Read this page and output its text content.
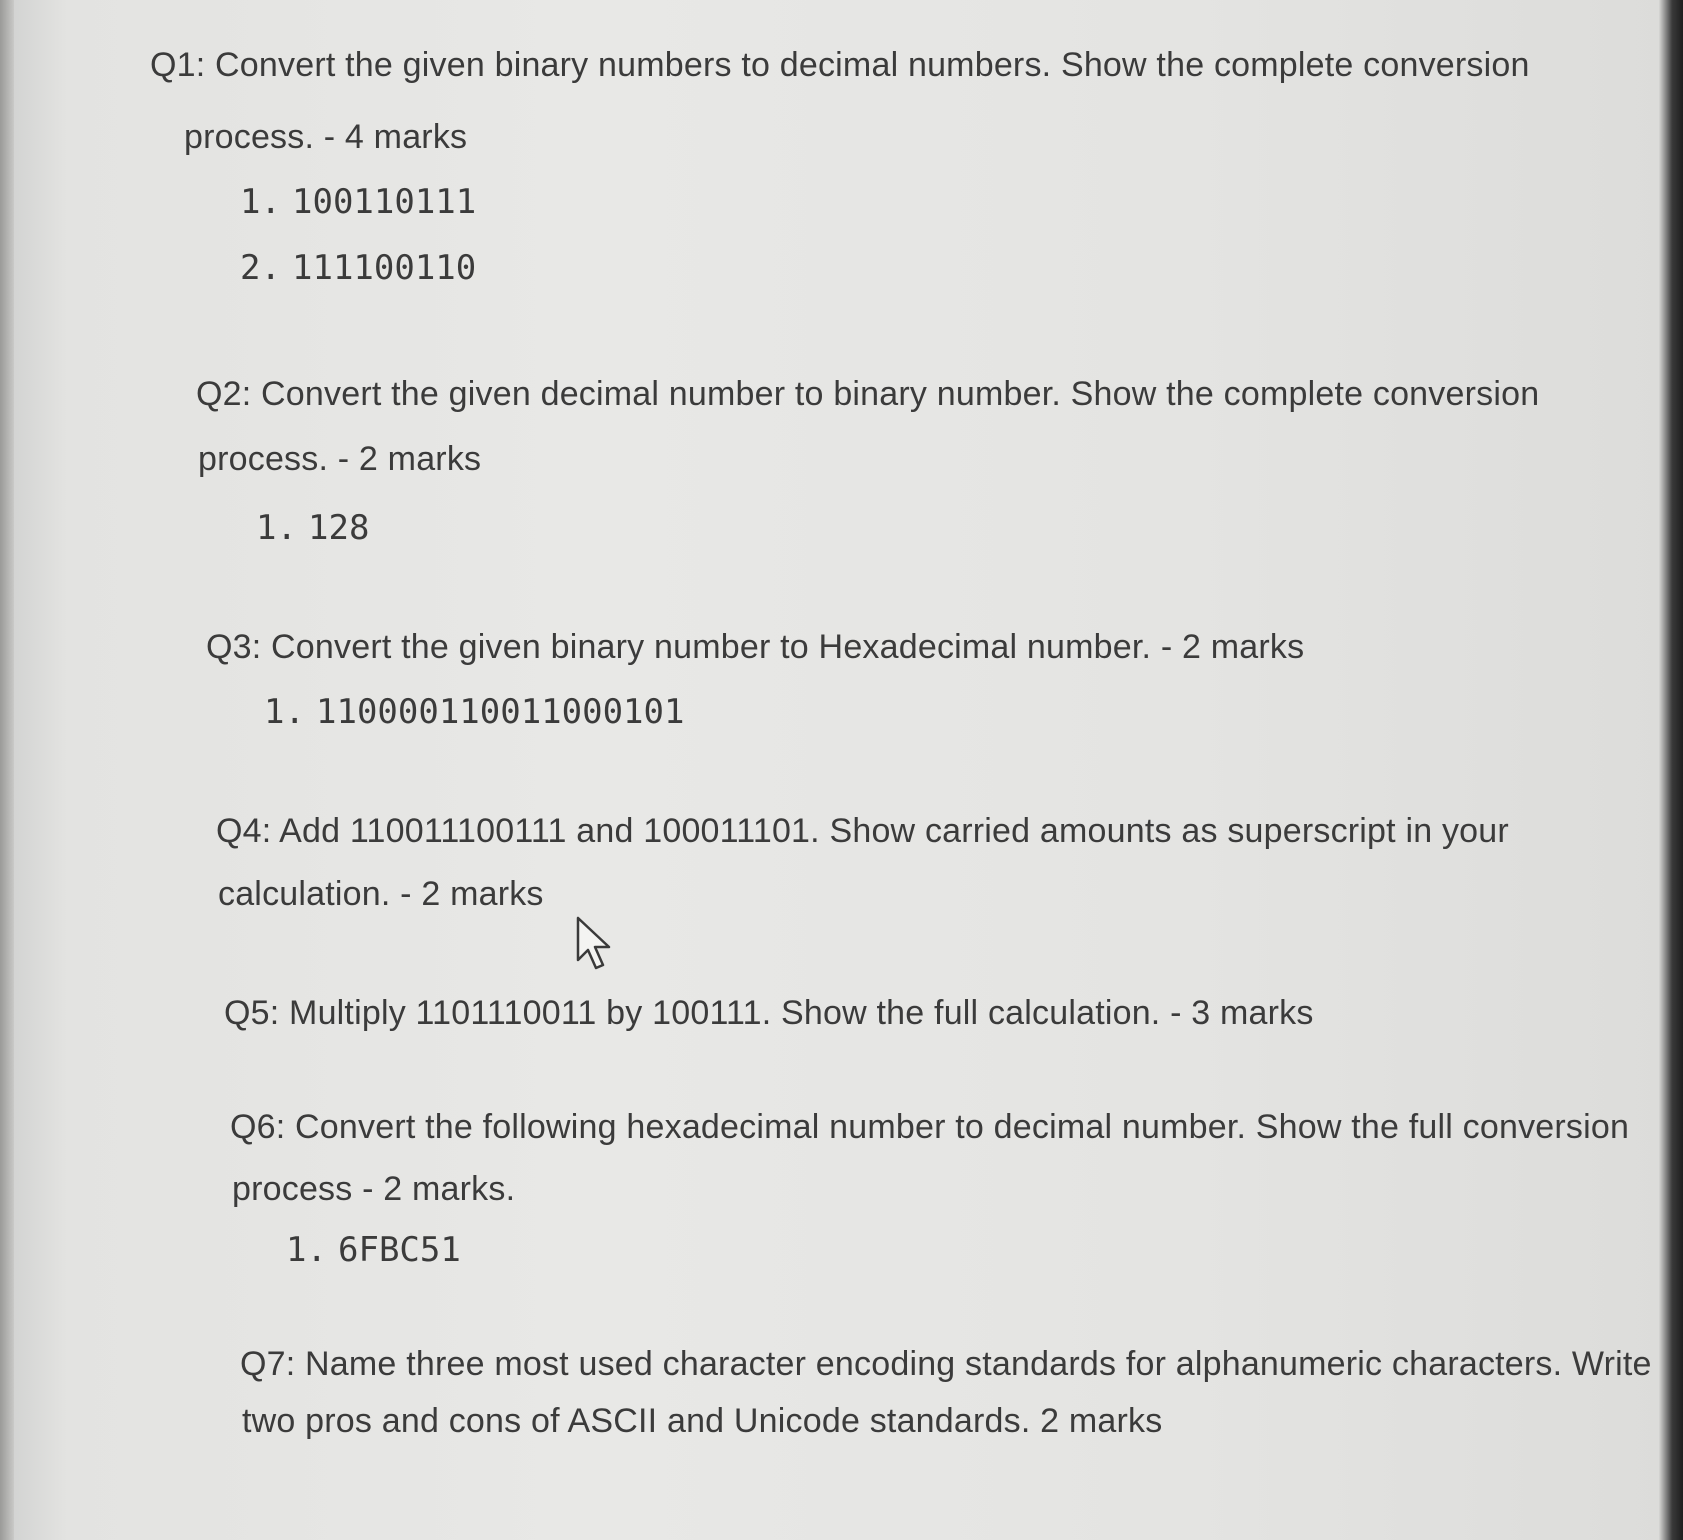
Q1: Convert the given binary numbers to decimal numbers. Show the complete conversion
process. - 4 marks
1. 100110111
2. 111100110
Q2: Convert the given decimal number to binary number. Show the complete conversion
process. - 2 marks
1. 128
Q3: Convert the given binary number to Hexadecimal number. - 2 marks
1. 110000110011000101
Q4: Add 110011100111 and 100011101. Show carried amounts as superscript in your
calculation. - 2 marks
Q5: Multiply 1101110011 by 100111. Show the full calculation. - 3 marks
Q6: Convert the following hexadecimal number to decimal number. Show the full conversion
process - 2 marks.
1. 6FBC51
Q7: Name three most used character encoding standards for alphanumeric characters. Write
two pros and cons of ASCII and Unicode standards. 2 marks
